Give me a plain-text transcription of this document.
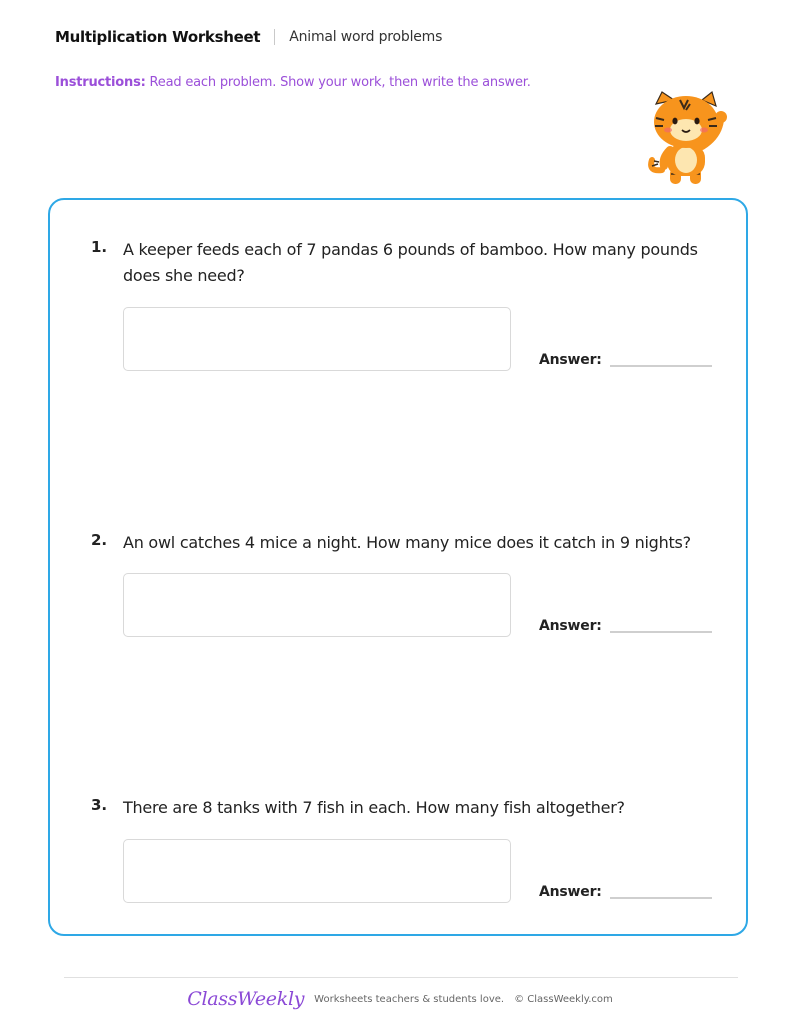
Multiplication Worksheet Animal word problems
Instructions: Read each problem. Show your work, then write the answer.
1. A keeper feeds each of 7 pandas 6 pounds of bamboo. How many pounds does she need?
Answer:
2. An owl catches 4 mice a night. How many mice does it catch in 9 nights?
Answer:
3. There are 8 tanks with 7 fish in each. How many fish altogether?
Answer:
ClassWeekly Worksheets teachers & students love. © ClassWeekly.com
